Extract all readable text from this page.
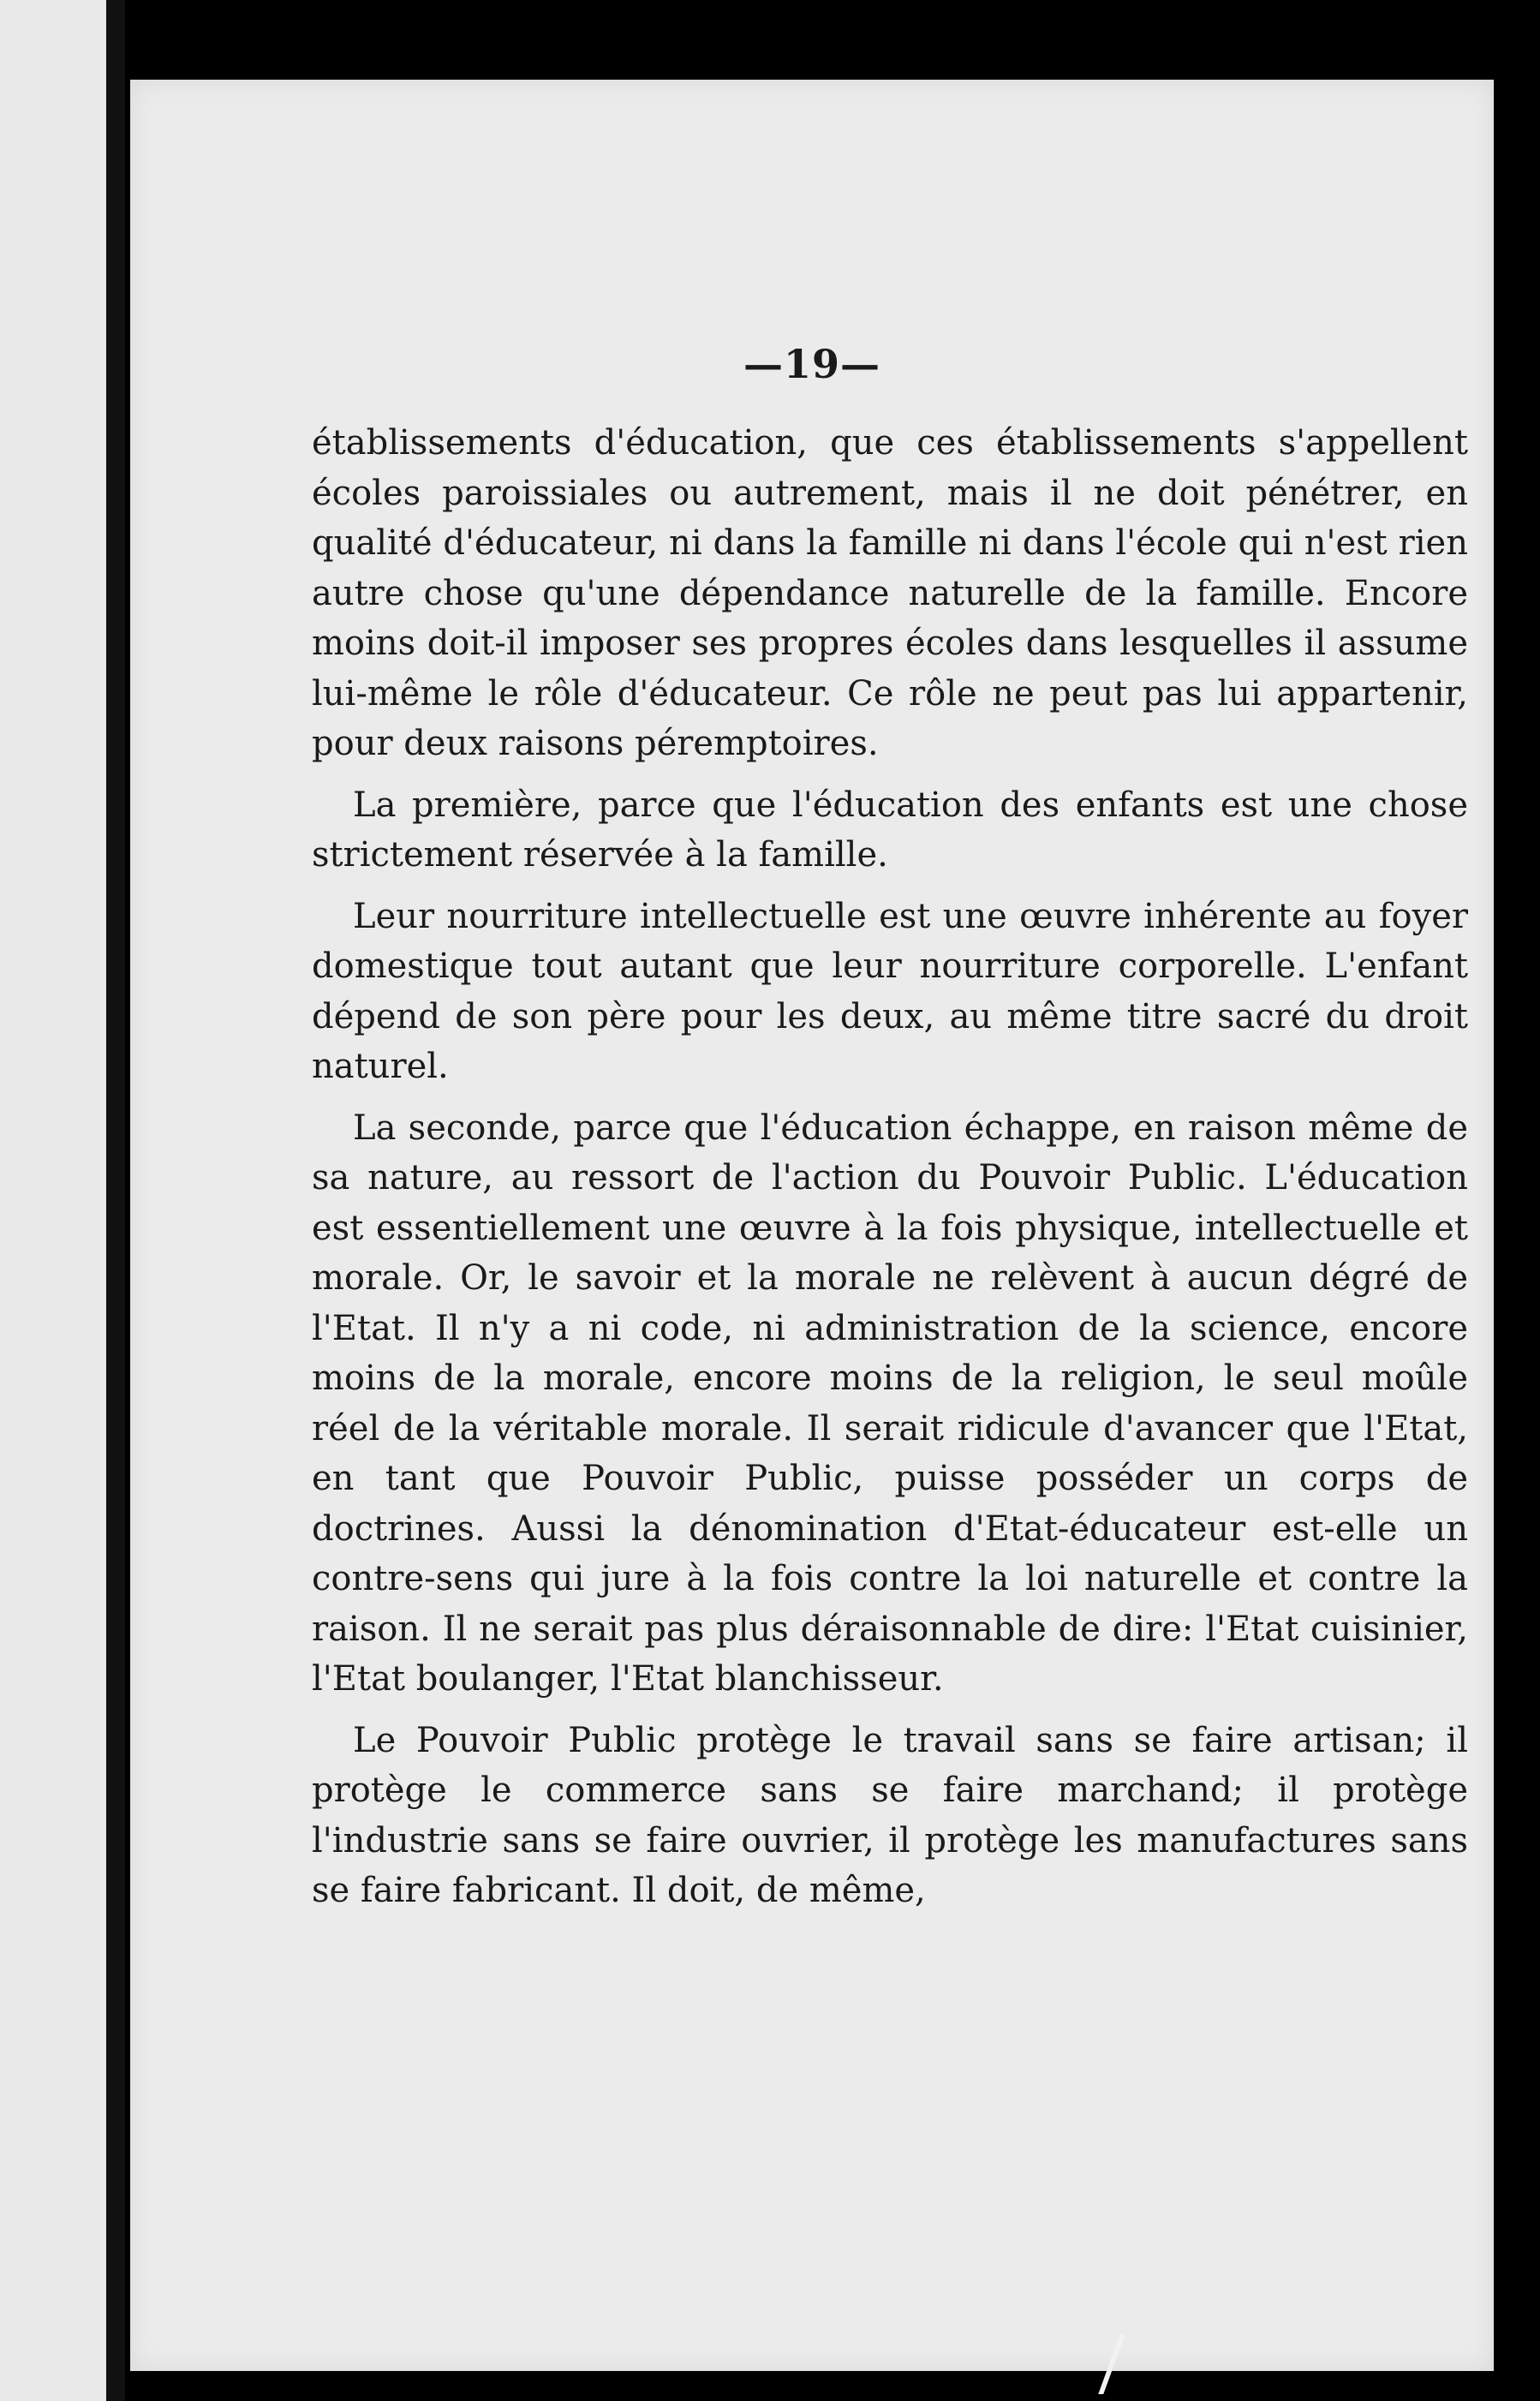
—19—

établissements d'éducation, que ces établissements s'appellent écoles paroissiales ou autrement, mais il ne doit pénétrer, en qualité d'éducateur, ni dans la famille ni dans l'école qui n'est rien autre chose qu'une dépendance naturelle de la famille. Encore moins doit-il imposer ses propres écoles dans lesquelles il assume lui-même le rôle d'éducateur. Ce rôle ne peut pas lui appartenir, pour deux raisons péremptoires.

La première, parce que l'éducation des enfants est une chose strictement réservée à la famille.

Leur nourriture intellectuelle est une œuvre inhérente au foyer domestique tout autant que leur nourriture corporelle. L'enfant dépend de son père pour les deux, au même titre sacré du droit naturel.

La seconde, parce que l'éducation échappe, en raison même de sa nature, au ressort de l'action du Pouvoir Public. L'éducation est essentiellement une œuvre à la fois physique, intellectuelle et morale. Or, le savoir et la morale ne relèvent à aucun dégré de l'Etat. Il n'y a ni code, ni administration de la science, encore moins de la morale, encore moins de la religion, le seul moûle réel de la véritable morale. Il serait ridicule d'avancer que l'Etat, en tant que Pouvoir Public, puisse posséder un corps de doctrines. Aussi la dénomination d'Etat-éducateur est-elle un contre-sens qui jure à la fois contre la loi naturelle et contre la raison. Il ne serait pas plus déraisonnable de dire: l'Etat cuisinier, l'Etat boulanger, l'Etat blanchisseur.

Le Pouvoir Public protège le travail sans se faire artisan; il protège le commerce sans se faire marchand; il protège l'industrie sans se faire ouvrier, il protège les manufactures sans se faire fabricant. Il doit, de même,
